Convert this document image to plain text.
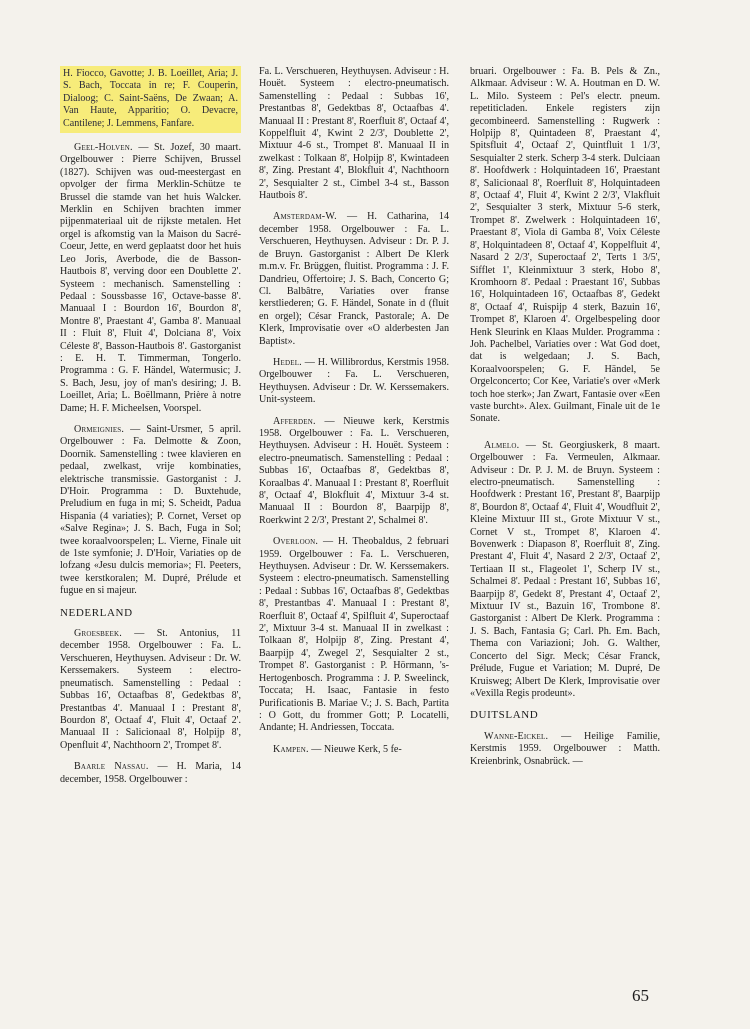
H. Fiocco, Gavotte; J. B. Loeillet, Aria; J. S. Bach, Toccata in re; F. Couperin, Dialoog; C. Saint-Saëns, De Zwaan; A. Van Haute, Apparitio; O. Devacre, Cantilene; J. Lemmens, Fanfare.

Geel-Holven. — St. Jozef, 30 maart. Orgelbouwer : Pierre Schijven, Brussel (1827). Schijven was oud-meestergast en opvolger der firma Merklin-Schütze te Brussel die stamde van het huis Walcker. Merklin en Schijven brachten immer pijpenmateriaal uit de rijkste metalen. Het orgel is afkomstig van la Maison du Sacré-Coeur, Jette, en werd geplaatst door het huis Leo Joris, Averbode, die de Basson-Hautbois 8', verving door een Doublette 2'. Systeem : mechanisch. Samenstelling : Pedaal : Soussbasse 16', Octave-basse 8'. Manuaal I : Bourdon 16', Bourdon 8', Montre 8', Praestant 4', Gamba 8'. Manuaal II : Fluit 8', Fluit 4', Dolciana 8', Voix Céleste 8', Basson-Hautbois 8'. Gastorganist : E. H. T. Timmerman, Tongerlo. Programma : G. F. Händel, Watermusic; J. S. Bach, Jesu, joy of man's desiring; J. B. Loeillet, Aria; L. Boëllmann, Prière à notre Dame; H. F. Micheelsen, Voorspel.

Ormeignies. — Saint-Ursmer, 5 april. Orgelbouwer : Fa. Delmotte & Zoon, Doornik. Samenstelling : twee klavieren en pedaal, zwelkast, vrije kombinaties, elektrische transmissie. Gastorganist : J. D'Hoir. Programma : D. Buxtehude, Preludium en fuga in mi; S. Scheidt, Padua Hispania (4 variaties); P. Cornet, Verset op «Salve Regina»; J. S. Bach, Fuga in Sol; twee koraalvoorspelen; L. Vierne, Finale uit de 1ste symfonie; J. D'Hoir, Variaties op de lofzang «Jesu dulcis memoria»; Fl. Peeters, twee kerstkoralen; M. Dupré, Prélude et fugue en si majeur.

NEDERLAND

Groesbeek. — St. Antonius, 11 december 1958. Orgelbouwer : Fa. L. Verschueren, Heythuysen. Adviseur : Dr. W. Kerssemakers. Systeem : electro-pneumatisch. Samenstelling : Pedaal : Subbas 16', Octaafbas 8', Gedektbas 8', Prestantbas 4'. Manuaal I : Prestant 8', Bourdon 8', Octaaf 4', Fluit 4', Octaaf 2'. Manuaal II : Salicionaal 8', Holpijp 8', Openfluit 4', Nachthoorn 2', Trompet 8'.

Baarle Nassau. — H. Maria, 14 december, 1958. Orgelbouwer :

Fa. L. Verschueren, Heythuysen. Adviseur : H. Houët. Systeem : electro-pneumatisch. Samenstelling : Pedaal : Subbas 16', Prestantbas 8', Gedektbas 8', Octaafbas 4'. Manuaal II : Prestant 8', Roerfluit 8', Octaaf 4', Koppelfluit 4', Kwint 2 2/3', Doublette 2', Mixtuur 4-6 st., Trompet 8'. Manuaal II in zwelkast : Tolkaan 8', Holpijp 8', Kwintadeen 8', Zing. Prestant 4', Blokfluit 4', Nachthoorn 2', Sesquialter 2 st., Cimbel 3-4 st., Basson Hautbois 8'.

Amsterdam-W. — H. Catharina, 14 december 1958. Orgelbouwer : Fa. L. Verschueren, Heythuysen. Adviseur : Dr. P. J. de Bruyn. Gastorganist : Albert De Klerk m.m.v. Fr. Brüggen, fluitist. Programma : J. F. Dandrieu, Offertoire; J. S. Bach, Concerto G; Cl. Balbâtre, Variaties over franse kerstliederen; G. F. Händel, Sonate in d (fluit en orgel); César Franck, Pastorale; A. De Klerk, Improvisatie over «O alderbesten Jan Baptist».

Hedel. — H. Willibrordus, Kerstmis 1958. Orgelbouwer : Fa. L. Verschueren, Heythuysen. Adviseur : Dr. W. Kerssemakers. Unit-systeem.

Afferden. — Nieuwe kerk, Kerstmis 1958. Orgelbouwer : Fa. L. Verschueren, Heythuysen. Adviseur : H. Houët. Systeem : electro-pneumatisch. Samenstelling : Pedaal : Subbas 16', Octaafbas 8', Gedektbas 8', Koraalbas 4'. Manuaal I : Prestant 8', Roerfluit 8', Octaaf 4', Blokfluit 4', Mixtuur 3-4 st. Manuaal II : Bourdon 8', Baarpijp 8', Roerkwint 2 2/3', Prestant 2', Schalmei 8'.

Overloon. — H. Theobaldus, 2 februari 1959. Orgelbouwer : Fa. L. Verschueren, Heythuysen. Adviseur : Dr. W. Kerssemakers. Systeem : electro-pneumatisch. Samenstelling : Pedaal : Subbas 16', Octaafbas 8', Gedektbas 8', Prestantbas 4'. Manuaal I : Prestant 8', Roerfluit 8', Octaaf 4', Spilfluit 4', Superoctaaf 2', Mixtuur 3-4 st. Manuaal II in zwelkast : Tolkaan 8', Holpijp 8', Zing. Prestant 4', Baarpijp 4', Zwegel 2', Sesquialter 2 st., Trompet 8'. Gastorganist : P. Hörmann, 's-Hertogenbosch. Programma : J. P. Sweelinck, Toccata; H. Isaac, Fantasie in festo Purificationis B. Mariae V.; J. S. Bach, Partita : O Gott, du frommer Gott; P. Locatelli, Andante; H. Andriessen, Toccata.

Kampen. — Nieuwe Kerk, 5 fe-

bruari. Orgelbouwer : Fa. B. Pels & Zn., Alkmaar. Adviseur : W. A. Houtman en D. W. L. Milo. Systeem : Pel's electr. pneum. repetiticladen. Enkele registers zijn gecombineerd. Samenstelling : Rugwerk : Holpijp 8', Quintadeen 8', Praestant 4', Spitsfluit 4', Octaaf 2', Quintfluit 1 1/3', Sesquialter 2 sterk. Scherp 3-4 sterk. Dulciaan 8'. Hoofdwerk : Holquintadeen 16', Praestant 8', Salicionaal 8', Roerfluit 8', Holquintadeen 8', Octaaf 4', Fluit 4', Kwint 2 2/3', Vlakfluit 2', Sesquialter 3 sterk, Mixtuur 5-6 sterk, Trompet 8'. Zwelwerk : Holquintadeen 16', Praestant 8', Viola di Gamba 8', Voix Céleste 8', Holquintadeen 8', Octaaf 4', Koppelfluit 4', Nasard 2 2/3', Superoctaaf 2', Terts 1 3/5', Sifflet 1', Kleinmixtuur 3 sterk, Hobo 8', Kromhoorn 8'. Pedaal : Praestant 16', Subbas 16', Holquintadeen 16', Octaafbas 8', Gedekt 8', Octaaf 4', Ruispijp 4 sterk, Bazuin 16', Trompet 8', Klaroen 4'. Orgelbespeling door Henk Sleurink en Klaas Mulder. Programma : Joh. Pachelbel, Variaties over : Wat God doet, dat is welgedaan; J. S. Bach, Koraalvoorspelen; G. F. Händel, 5e Orgelconcerto; Cor Kee, Variatie's over «Merk toch hoe sterk»; Jan Zwart, Fantasie over «Een vaste burcht». Alex. Guilmant, Finale uit de 1e Sonate.

Almelo. — St. Georgiuskerk, 8 maart. Orgelbouwer : Fa. Vermeulen, Alkmaar. Adviseur : Dr. P. J. M. de Bruyn. Systeem : electro-pneumatisch. Samenstelling : Hoofdwerk : Prestant 16', Prestant 8', Baarpijp 8', Bourdon 8', Octaaf 4', Fluit 4', Woudfluit 2', Kleine Mixtuur III st., Grote Mixtuur V st., Cornet V st., Trompet 8', Klaroen 4'. Bovenwerk : Diapason 8', Roerfluit 8', Zing. Prestant 4', Fluit 4', Nasard 2 2/3', Octaaf 2', Tertiaan II st., Flageolet 1', Scherp IV st., Schalmei 8'. Pedaal : Prestant 16', Subbas 16', Baarpijp 8', Gedekt 8', Prestant 4', Octaaf 2', Mixtuur IV st., Bazuin 16', Trombone 8'. Gastorganist : Albert De Klerk. Programma : J. S. Bach, Fantasia G; Carl. Ph. Em. Bach, Thema con Variazioni; Joh. G. Walther, Concerto del Sigr. Meck; César Franck, Prélude, Fugue et Variation; M. Dupré, De Kruisweg; Albert De Klerk, Improvisatie over «Vexilla Regis prodeunt».

DUITSLAND

Wanne-Eickel. — Heilige Familie, Kerstmis 1959. Orgelbouwer : Matth. Kreienbrink, Osnabrück. —

65
